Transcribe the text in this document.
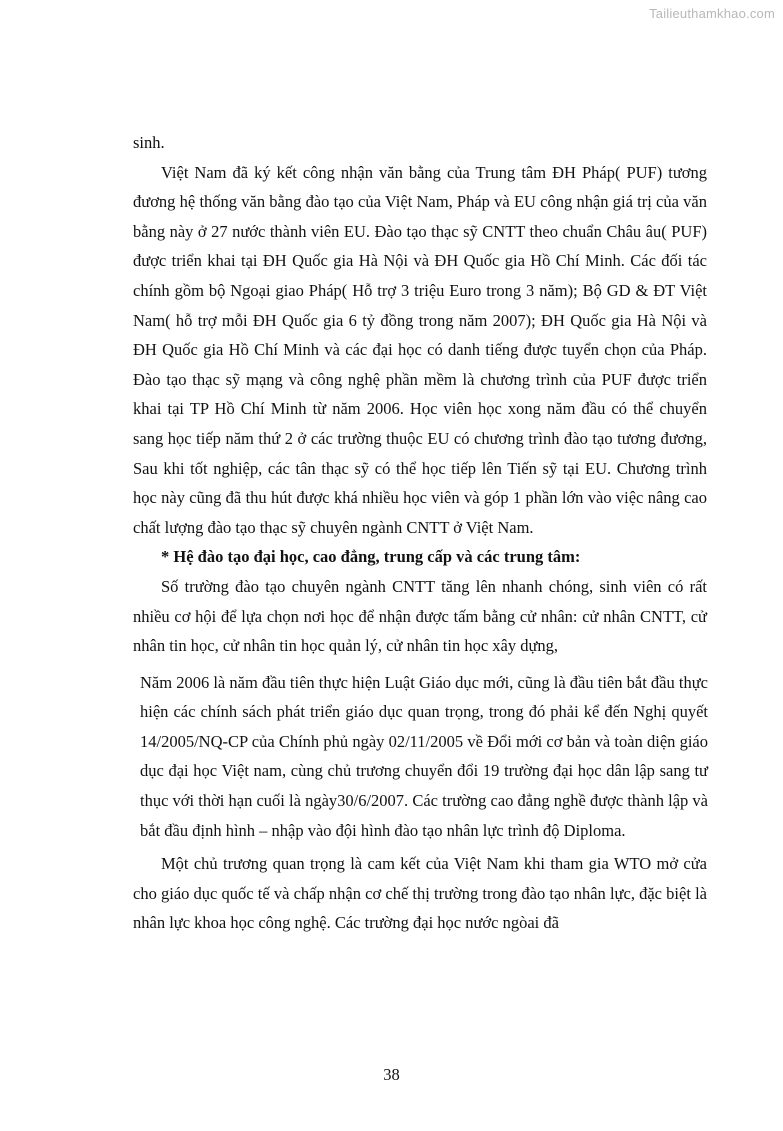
Tailieuthamkhao.com

sinh.

Việt Nam đã ký kết công nhận văn bằng của Trung tâm ĐH Pháp( PUF) tương đương hệ thống văn bằng đào tạo của Việt Nam, Pháp và EU công nhận giá trị của văn bằng này ở 27 nước thành viên EU. Đào tạo thạc sỹ CNTT theo chuẩn Châu âu( PUF) được triển khai tại ĐH Quốc gia Hà Nội và ĐH Quốc gia Hồ Chí Minh. Các đối tác chính gồm bộ Ngoại giao Pháp( Hỗ trợ 3 triệu Euro trong 3 năm); Bộ GD & ĐT Việt Nam( hỗ trợ mỗi ĐH Quốc gia 6 tỷ đồng trong năm 2007); ĐH Quốc gia Hà Nội và ĐH Quốc gia Hồ Chí Minh và các đại học có danh tiếng được tuyển chọn của Pháp. Đào tạo thạc sỹ mạng và công nghệ phần mềm là chương trình của PUF được triển khai tại TP Hồ Chí Minh từ năm 2006. Học viên học xong năm đầu có thể chuyển sang học tiếp năm thứ 2 ở các trường thuộc EU có chương trình đào tạo tương đương, Sau khi tốt nghiệp, các tân thạc sỹ có thể học tiếp lên Tiến sỹ tại EU. Chương trình học này cũng đã thu hút được khá nhiều học viên và góp 1 phần lớn vào việc nâng cao chất lượng đào tạo thạc sỹ chuyên ngành CNTT ở Việt Nam.

* Hệ đào tạo đại học, cao đẳng, trung cấp và các trung tâm:

Số trường đào tạo chuyên ngành CNTT tăng lên nhanh chóng, sinh viên có rất nhiều cơ hội để lựa chọn nơi học để nhận được tấm bằng cử nhân: cử nhân CNTT, cử nhân tin học, cử nhân tin học quản lý, cử nhân tin học xây dựng,

Năm 2006 là năm đầu tiên thực hiện Luật Giáo dục mới, cũng là đầu tiên bắt đầu thực hiện các chính sách phát triển giáo dục quan trọng, trong đó phải kể đến Nghị quyết 14/2005/NQ-CP của Chính phủ ngày 02/11/2005 về Đổi mới cơ bản và toàn diện giáo dục đại học Việt nam, cùng chủ trương chuyển đổi 19 trường đại học dân lập sang tư thục với thời hạn cuối là ngày30/6/2007. Các trường cao đẳng nghề được thành lập và bắt đầu định hình – nhập vào đội hình đào tạo nhân lực trình độ Diploma.

Một chủ trương quan trọng là cam kết của Việt Nam khi tham gia WTO mở cửa cho giáo dục quốc tế và chấp nhận cơ chế thị trường trong đào tạo nhân lực, đặc biệt là nhân lực khoa học công nghệ. Các trường đại học nước ngòai đã

38
